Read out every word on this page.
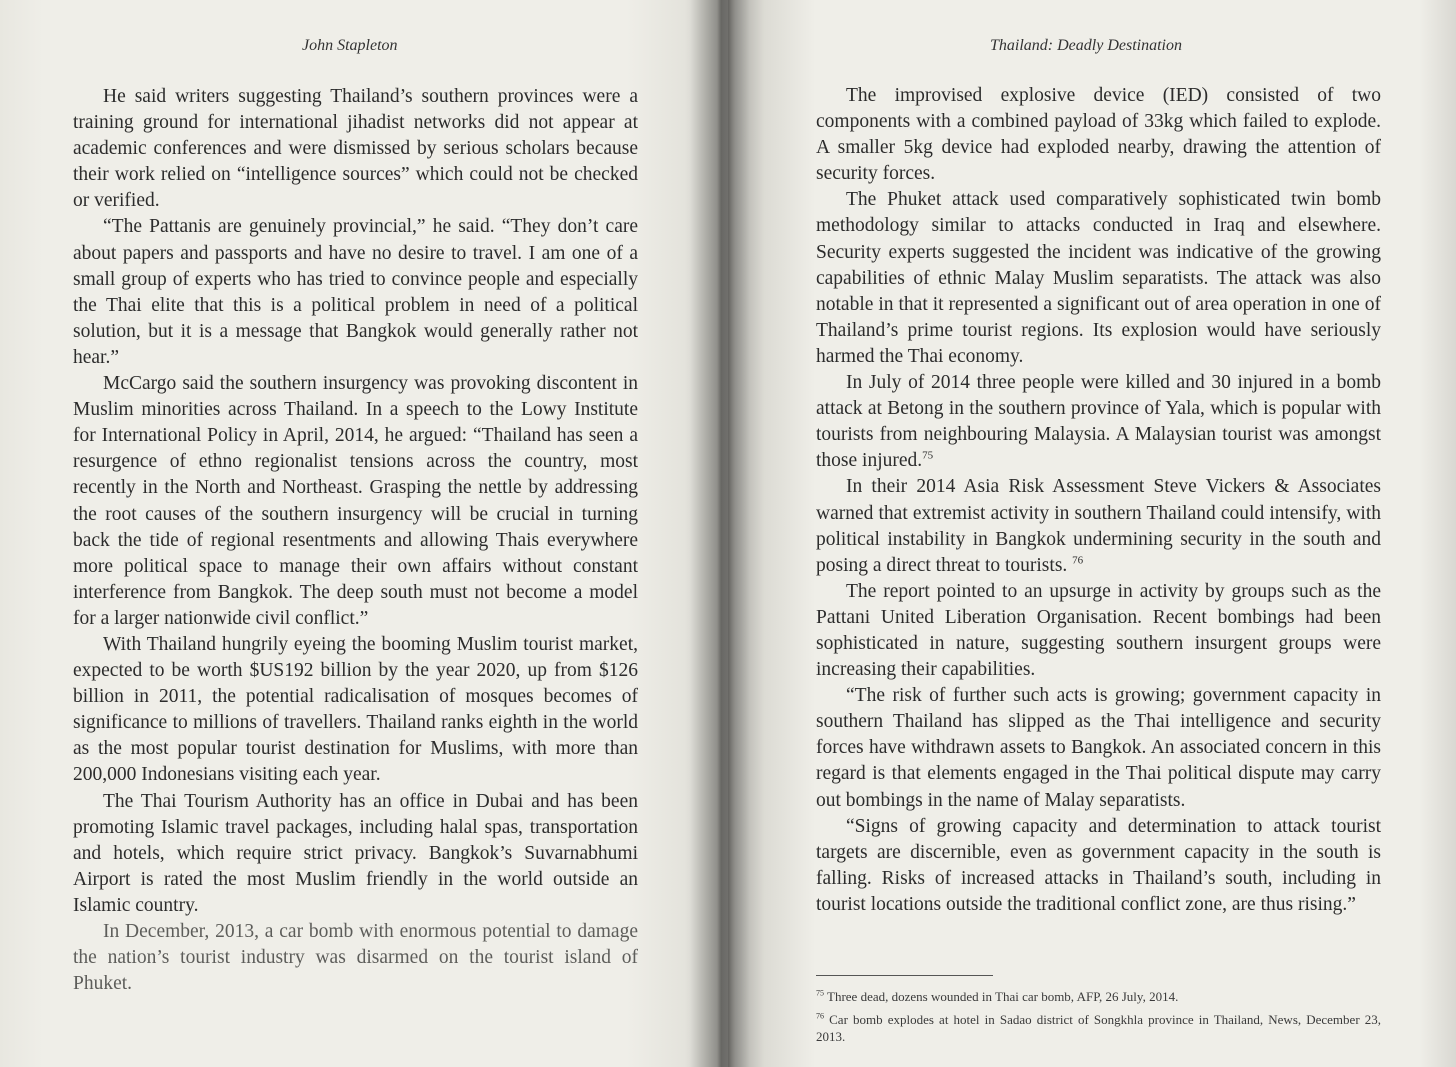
John Stapleton

He said writers suggesting Thailand’s southern provinces were a training ground for international jihadist networks did not appear at academic conferences and were dismissed by serious scholars because their work relied on “intelligence sources” which could not be checked or verified.

“The Pattanis are genuinely provincial,” he said. “They don’t care about papers and passports and have no desire to travel. I am one of a small group of experts who has tried to convince people and especially the Thai elite that this is a political problem in need of a political solution, but it is a message that Bangkok would generally rather not hear.”

McCargo said the southern insurgency was provoking discontent in Muslim minorities across Thailand. In a speech to the Lowy Institute for International Policy in April, 2014, he argued: “Thailand has seen a resurgence of ethno regionalist tensions across the country, most recently in the North and Northeast. Grasping the nettle by addressing the root causes of the southern insurgency will be crucial in turning back the tide of regional resentments and allowing Thais everywhere more political space to manage their own affairs without constant interference from Bangkok. The deep south must not become a model for a larger nationwide civil conflict.”

With Thailand hungrily eyeing the booming Muslim tourist market, expected to be worth $US192 billion by the year 2020, up from $126 billion in 2011, the potential radicalisation of mosques becomes of significance to millions of travellers. Thailand ranks eighth in the world as the most popular tourist destination for Muslims, with more than 200,000 Indonesians visiting each year.

The Thai Tourism Authority has an office in Dubai and has been promoting Islamic travel packages, including halal spas, transportation and hotels, which require strict privacy. Bangkok’s Suvarnabhumi Airport is rated the most Muslim friendly in the world outside an Islamic country.

In December, 2013, a car bomb with enormous potential to damage the nation’s tourist industry was disarmed on the tourist island of Phuket.

Thailand: Deadly Destination

The improvised explosive device (IED) consisted of two components with a combined payload of 33kg which failed to explode. A smaller 5kg device had exploded nearby, drawing the attention of security forces.

The Phuket attack used comparatively sophisticated twin bomb methodology similar to attacks conducted in Iraq and elsewhere. Security experts suggested the incident was indicative of the growing capabilities of ethnic Malay Muslim separatists. The attack was also notable in that it represented a significant out of area operation in one of Thailand’s prime tourist regions. Its explosion would have seriously harmed the Thai economy.

In July of 2014 three people were killed and 30 injured in a bomb attack at Betong in the southern province of Yala, which is popular with tourists from neighbouring Malaysia. A Malaysian tourist was amongst those injured.$^{75}$

In their 2014 Asia Risk Assessment Steve Vickers & Associates warned that extremist activity in southern Thailand could intensify, with political instability in Bangkok undermining security in the south and posing a direct threat to tourists. $^{76}$

The report pointed to an upsurge in activity by groups such as the Pattani United Liberation Organisation. Recent bombings had been sophisticated in nature, suggesting southern insurgent groups were increasing their capabilities.

“The risk of further such acts is growing; government capacity in southern Thailand has slipped as the Thai intelligence and security forces have withdrawn assets to Bangkok. An associated concern in this regard is that elements engaged in the Thai political dispute may carry out bombings in the name of Malay separatists.

“Signs of growing capacity and determination to attack tourist targets are discernible, even as government capacity in the south is falling. Risks of increased attacks in Thailand’s south, including in tourist locations outside the traditional conflict zone, are thus rising.”

$^{75}$ Three dead, dozens wounded in Thai car bomb, AFP, 26 July, 2014.

$^{76}$ Car bomb explodes at hotel in Sadao district of Songkhla province in Thailand, News, December 23, 2013.
